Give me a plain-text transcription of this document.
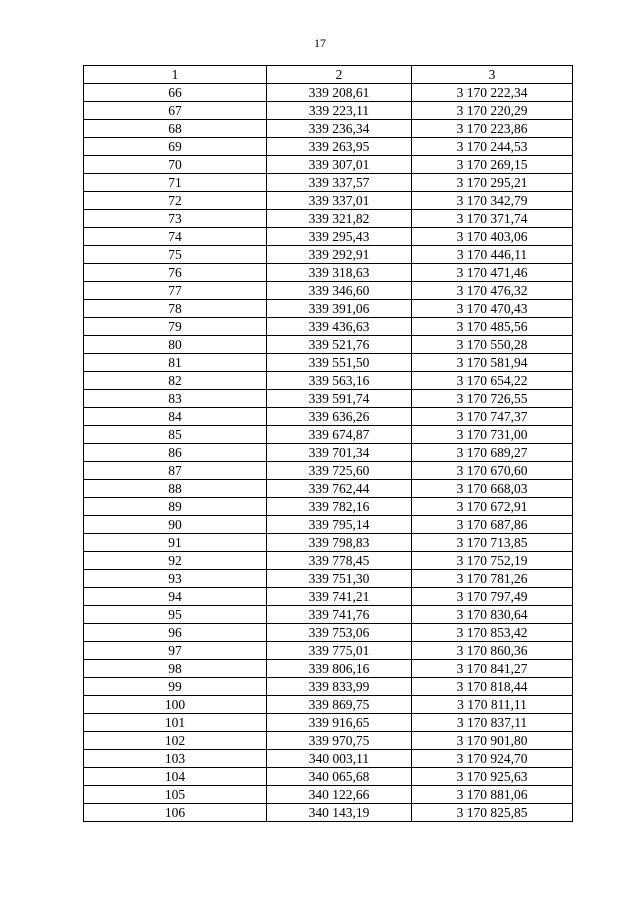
17
1	2	3
66	339 208,61	3 170 222,34
67	339 223,11	3 170 220,29
68	339 236,34	3 170 223,86
69	339 263,95	3 170 244,53
70	339 307,01	3 170 269,15
71	339 337,57	3 170 295,21
72	339 337,01	3 170 342,79
73	339 321,82	3 170 371,74
74	339 295,43	3 170 403,06
75	339 292,91	3 170 446,11
76	339 318,63	3 170 471,46
77	339 346,60	3 170 476,32
78	339 391,06	3 170 470,43
79	339 436,63	3 170 485,56
80	339 521,76	3 170 550,28
81	339 551,50	3 170 581,94
82	339 563,16	3 170 654,22
83	339 591,74	3 170 726,55
84	339 636,26	3 170 747,37
85	339 674,87	3 170 731,00
86	339 701,34	3 170 689,27
87	339 725,60	3 170 670,60
88	339 762,44	3 170 668,03
89	339 782,16	3 170 672,91
90	339 795,14	3 170 687,86
91	339 798,83	3 170 713,85
92	339 778,45	3 170 752,19
93	339 751,30	3 170 781,26
94	339 741,21	3 170 797,49
95	339 741,76	3 170 830,64
96	339 753,06	3 170 853,42
97	339 775,01	3 170 860,36
98	339 806,16	3 170 841,27
99	339 833,99	3 170 818,44
100	339 869,75	3 170 811,11
101	339 916,65	3 170 837,11
102	339 970,75	3 170 901,80
103	340 003,11	3 170 924,70
104	340 065,68	3 170 925,63
105	340 122,66	3 170 881,06
106	340 143,19	3 170 825,85
